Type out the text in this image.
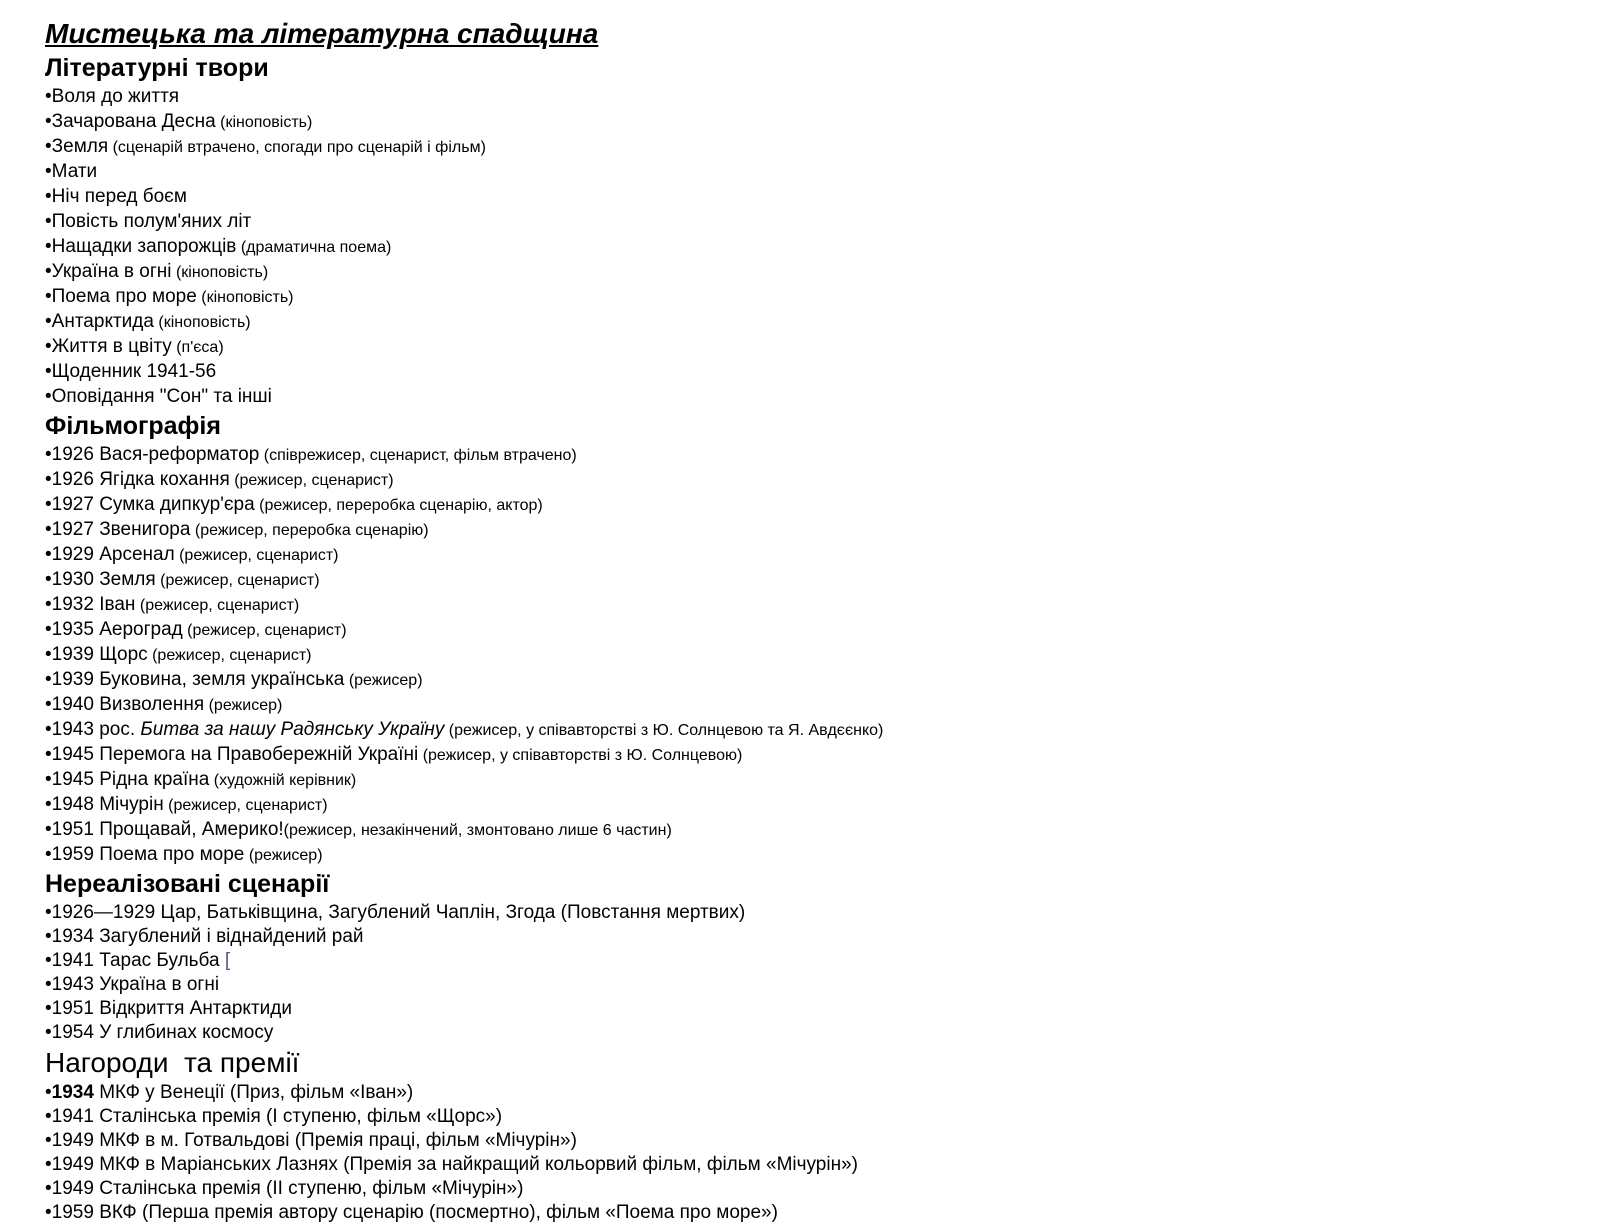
Мистецька та літературна спадщина
Літературні твори
•Воля до життя
•Зачарована Десна (кіноповість)
•Земля (сценарій втрачено, спогади про сценарій і фільм)
•Мати
•Ніч перед боєм
•Повість полум'яних літ
•Нащадки запорожців (драматична поема)
•Україна в огні (кіноповість)
•Поема про море (кіноповість)
•Антарктида (кіноповість)
•Життя в цвіту (п'єса)
•Щоденник 1941-56
•Оповідання "Сон" та інші
Фільмографія
•1926 Вася-реформатор (співрежисер, сценарист, фільм втрачено)
•1926 Ягідка кохання (режисер, сценарист)
•1927 Сумка дипкур'єра (режисер, переробка сценарію, актор)
•1927 Звенигора (режисер, переробка сценарію)
•1929 Арсенал (режисер, сценарист)
•1930 Земля (режисер, сценарист)
•1932 Іван (режисер, сценарист)
•1935 Аероград (режисер, сценарист)
•1939 Щорс (режисер, сценарист)
•1939 Буковина, земля українська (режисер)
•1940 Визволення (режисер)
•1943 рос. Битва за нашу Радянську Україну (режисер, у співавторстві з Ю. Солнцевою та Я. Авдєєнко)
•1945 Перемога на Правобережній Україні (режисер, у співавторстві з Ю. Солнцевою)
•1945 Рідна країна (художній керівник)
•1948 Мічурін (режисер, сценарист)
•1951 Прощавай, Америко!(режисер, незакінчений, змонтовано лише 6 частин)
•1959 Поема про море (режисер)
Нереалізовані сценарії
•1926—1929 Цар, Батьківщина, Загублений Чаплін, Згода (Повстання мертвих)
•1934 Загублений і віднайдений рай
•1941 Тарас Бульба [
•1943 Україна в огні
•1951 Відкриття Антарктиди
•1954 У глибинах космосу
Нагороди  та премії
•1934 МКФ у Венеції (Приз, фільм «Іван»)
•1941 Сталінська премія (І ступеню, фільм «Щорс»)
•1949 МКФ в м. Готвальдові (Премія праці, фільм «Мічурін»)
•1949 МКФ в Маріанських Лазнях (Премія за найкращий кольорвий фільм, фільм «Мічурін»)
•1949 Сталінська премія (II ступеню, фільм «Мічурін»)
•1959 ВКФ (Перша премія автору сценарію (посмертно), фільм «Поема про море»)
